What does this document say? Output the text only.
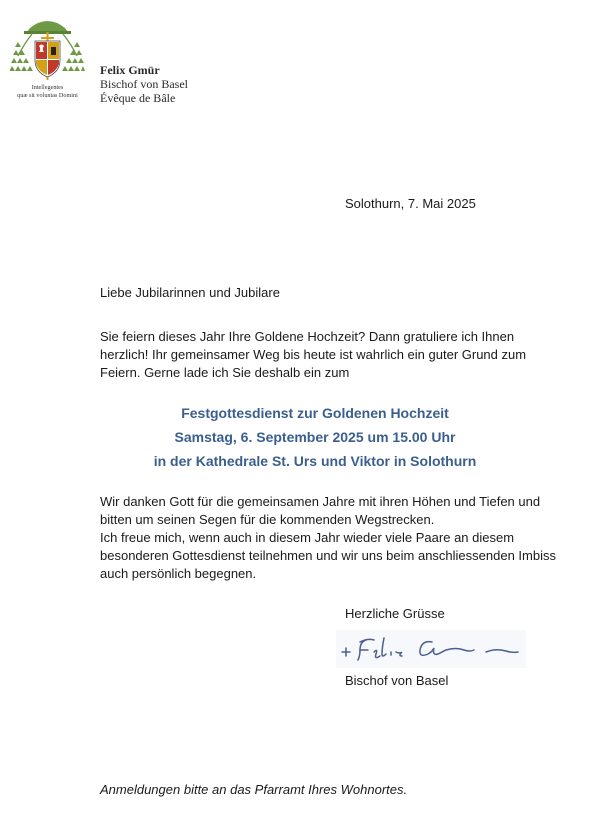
Intellegentes
quæ sit voluntas Domini
Felix Gmür
Bischof von Basel
Évêque de Bâle
Solothurn, 7. Mai 2025
Liebe Jubilarinnen und Jubilare
Sie feiern dieses Jahr Ihre Goldene Hochzeit? Dann gratuliere ich Ihnen herzlich! Ihr gemeinsamer Weg bis heute ist wahrlich ein guter Grund zum Feiern. Gerne lade ich Sie deshalb ein zum
Festgottesdienst zur Goldenen Hochzeit
Samstag, 6. September 2025 um 15.00 Uhr
in der Kathedrale St. Urs und Viktor in Solothurn
Wir danken Gott für die gemeinsamen Jahre mit ihren Höhen und Tiefen und bitten um seinen Segen für die kommenden Wegstrecken.
Ich freue mich, wenn auch in diesem Jahr wieder viele Paare an diesem besonderen Gottesdienst teilnehmen und wir uns beim anschliessenden Imbiss auch persönlich begegnen.
Herzliche Grüsse
Bischof von Basel
Anmeldungen bitte an das Pfarramt Ihres Wohnortes.
